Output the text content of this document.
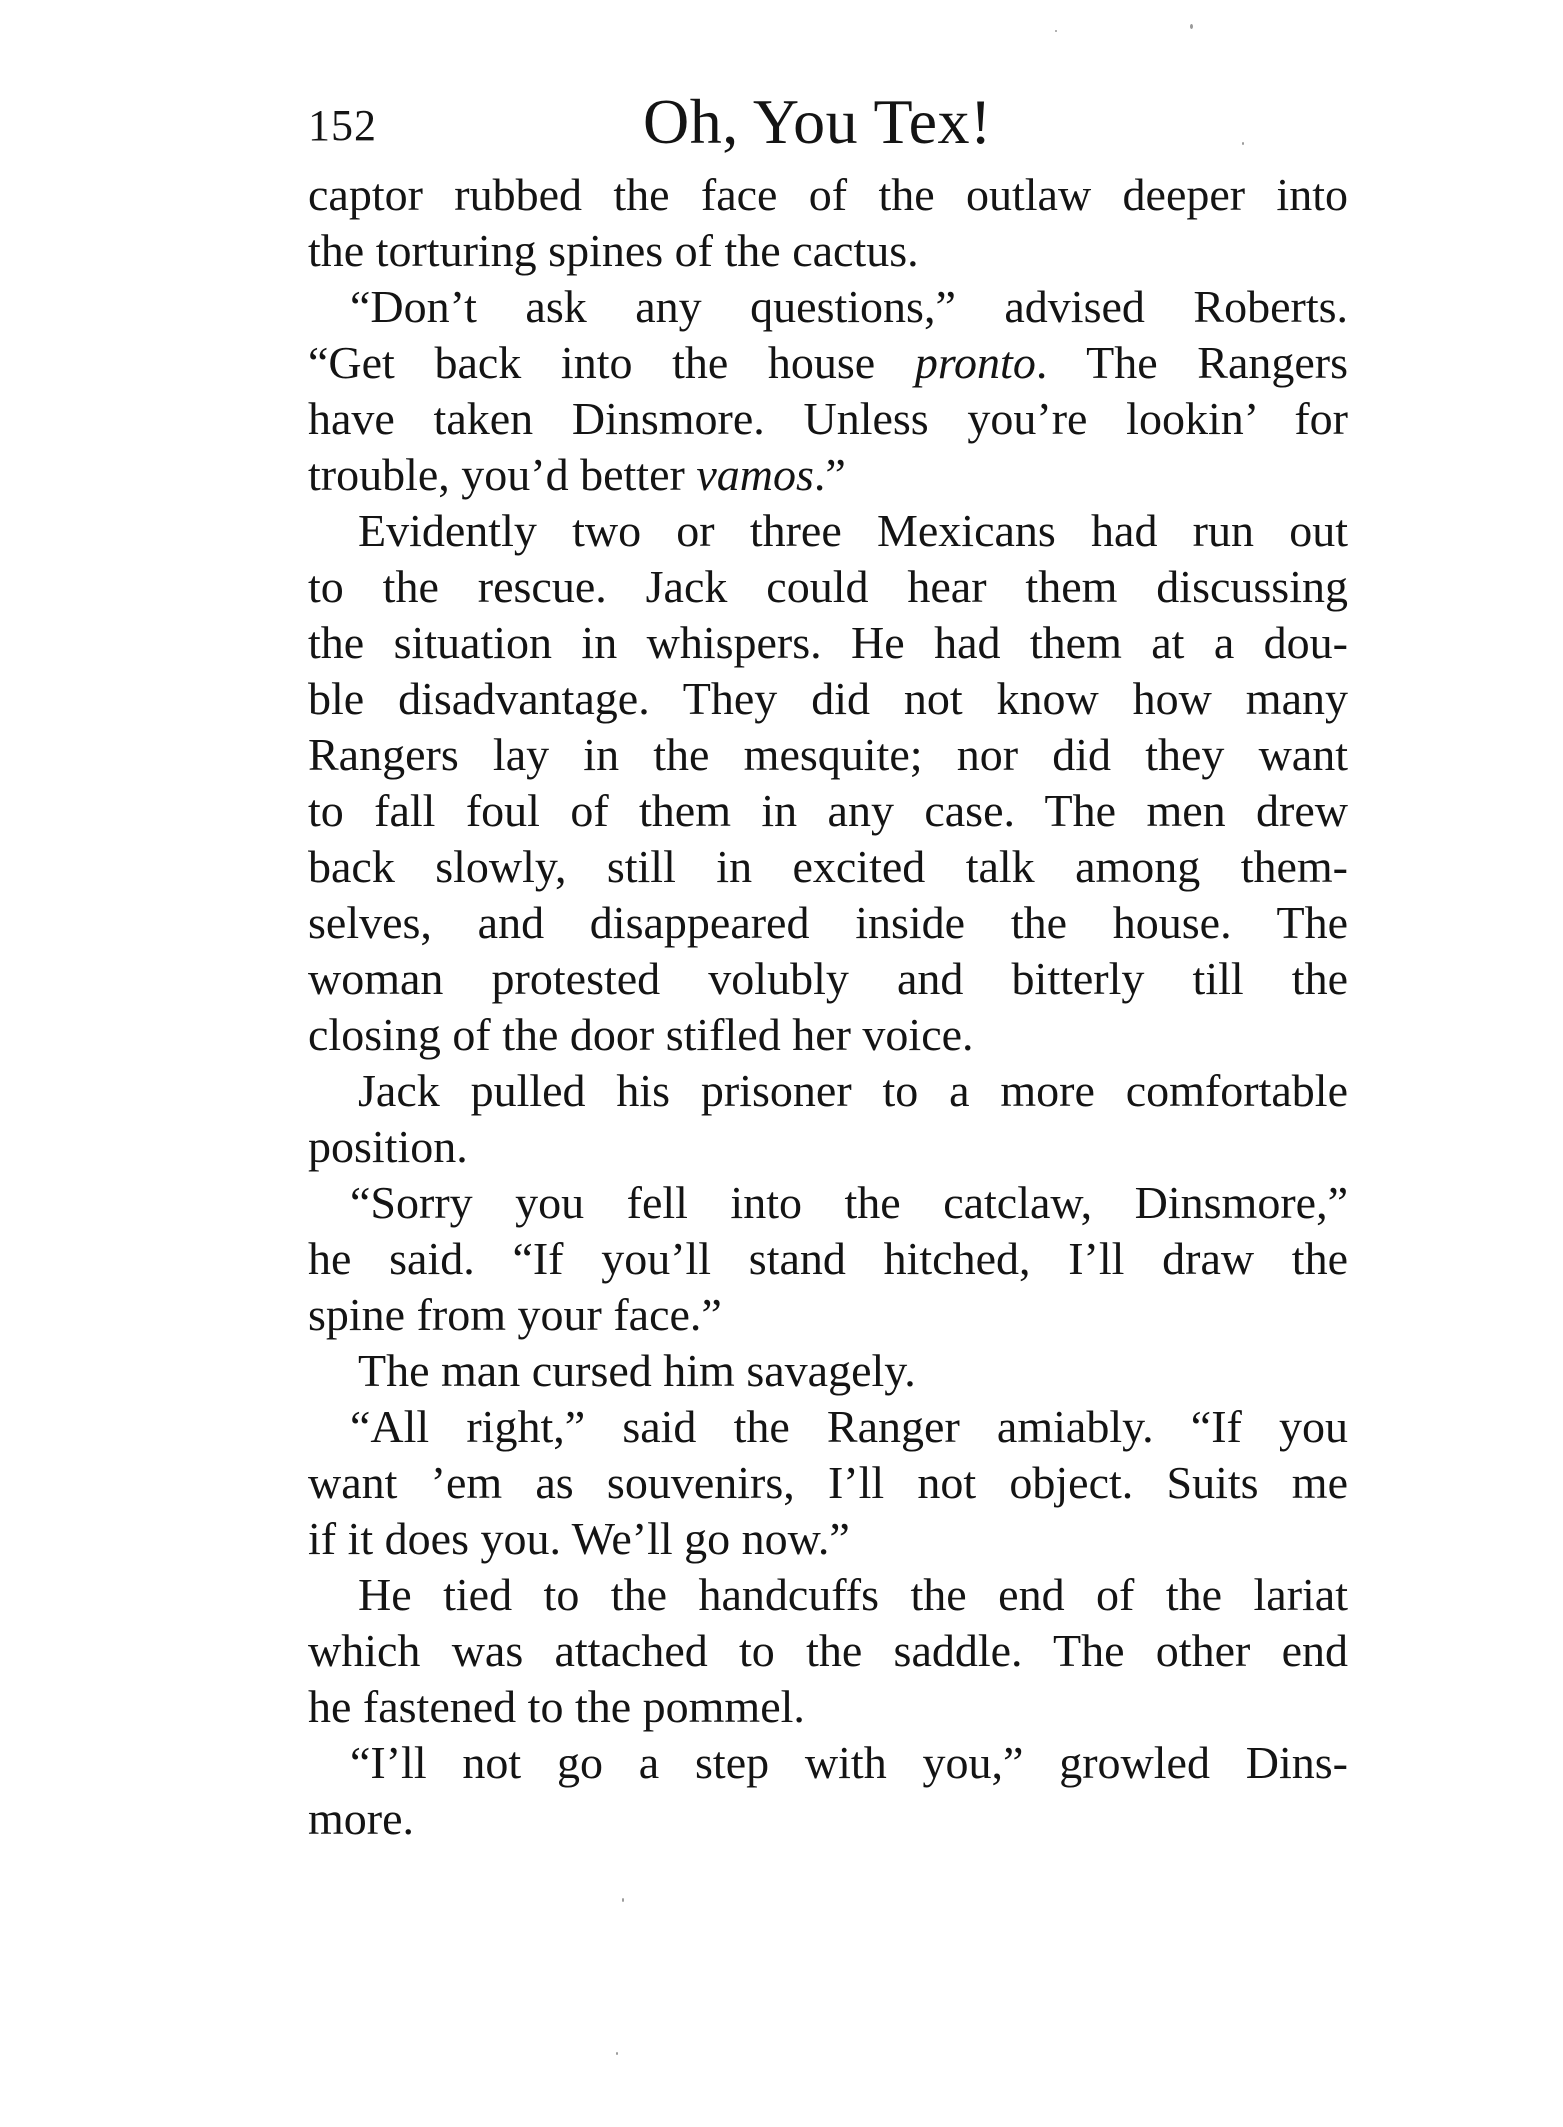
152	Oh, You Tex!
captor rubbed the face of the outlaw deeper into
the torturing spines of the cactus.
“Don’t ask any questions,” advised Roberts.
“Get back into the house pronto. The Rangers
have taken Dinsmore. Unless you’re lookin’ for
trouble, you’d better vamos.”
Evidently two or three Mexicans had run out
to the rescue. Jack could hear them discussing
the situation in whispers. He had them at a dou-
ble disadvantage. They did not know how many
Rangers lay in the mesquite; nor did they want
to fall foul of them in any case. The men drew
back slowly, still in excited talk among them-
selves, and disappeared inside the house. The
woman protested volubly and bitterly till the
closing of the door stifled her voice.
Jack pulled his prisoner to a more comfortable
position.
“Sorry you fell into the catclaw, Dinsmore,”
he said. “If you’ll stand hitched, I’ll draw the
spine from your face.”
The man cursed him savagely.
“All right,” said the Ranger amiably. “If you
want ’em as souvenirs, I’ll not object. Suits me
if it does you. We’ll go now.”
He tied to the handcuffs the end of the lariat
which was attached to the saddle. The other end
he fastened to the pommel.
“I’ll not go a step with you,” growled Dins-
more.
